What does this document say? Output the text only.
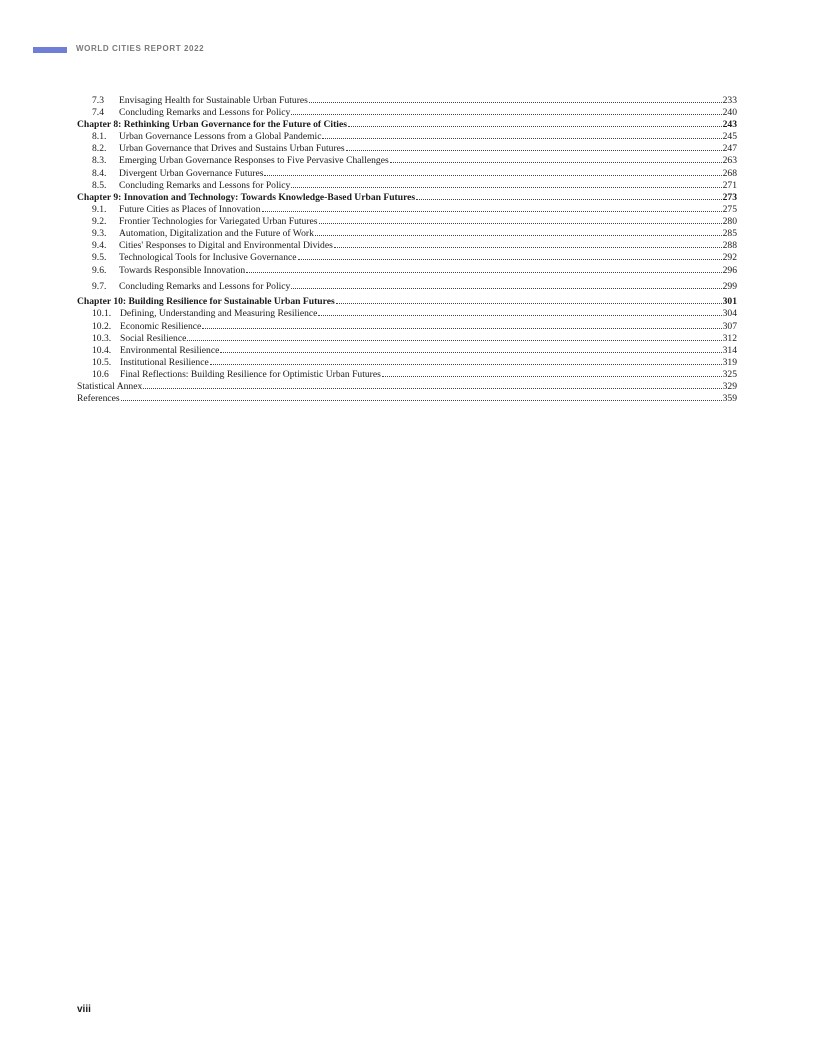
WORLD CITIES REPORT 2022
7.3	Envisaging Health for Sustainable Urban Futures	233
7.4	Concluding Remarks and Lessons for Policy	240
Chapter 8: Rethinking Urban Governance for the Future of Cities	243
8.1.	Urban Governance Lessons from a Global Pandemic	245
8.2.	Urban Governance that Drives and Sustains Urban Futures	247
8.3.	Emerging Urban Governance Responses to Five Pervasive Challenges	263
8.4.	Divergent Urban Governance Futures	268
8.5.	Concluding Remarks and Lessons for Policy	271
Chapter 9: Innovation and Technology: Towards Knowledge-Based Urban Futures	273
9.1.	Future Cities as Places of Innovation	275
9.2.	Frontier Technologies for Variegated Urban Futures	280
9.3.	Automation, Digitalization and the Future of Work	285
9.4.	Cities' Responses to Digital and Environmental Divides	288
9.5.	Technological Tools for Inclusive Governance	292
9.6.	Towards Responsible Innovation	296
9.7.	Concluding Remarks and Lessons for Policy	299
Chapter 10: Building Resilience for Sustainable Urban Futures	301
10.1. Defining, Understanding and Measuring Resilience	304
10.2. Economic Resilience	307
10.3. Social Resilience	312
10.4. Environmental Resilience	314
10.5. Institutional Resilience	319
10.6	Final Reflections: Building Resilience for Optimistic Urban Futures	325
Statistical Annex	329
References	359
viii
